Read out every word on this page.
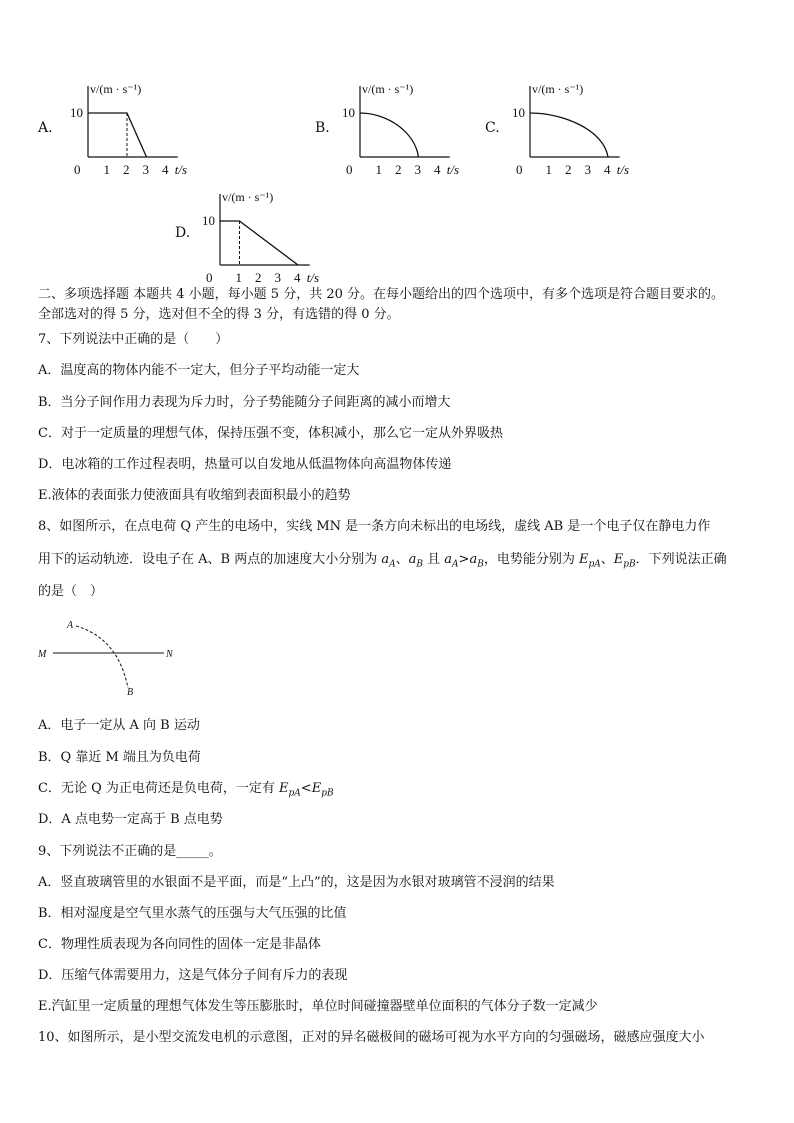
A.
v/(m · s⁻¹)
10
0 1 2 3 4 t/s
B.
v/(m · s⁻¹)
10
0 1 2 3 4 t/s
C.
v/(m · s⁻¹)
10
0 1 2 3 4 t/s
D.
v/(m · s⁻¹)
10
0 1 2 3 4 t/s
二、多项选择题 本题共 4 小题，每小题 5 分，共 20 分。在每小题给出的四个选项中，有多个选项是符合题目要求的。
全部选对的得 5 分，选对但不全的得 3 分，有选错的得 0 分。
7、下列说法中正确的是（　　）
A．温度高的物体内能不一定大，但分子平均动能一定大
B．当分子间作用力表现为斥力时，分子势能随分子间距离的减小而增大
C．对于一定质量的理想气体，保持压强不变，体积减小，那么它一定从外界吸热
D．电冰箱的工作过程表明，热量可以自发地从低温物体向高温物体传递
E.液体的表面张力使液面具有收缩到表面积最小的趋势
8、如图所示，在点电荷 Q 产生的电场中，实线 MN 是一条方向未标出的电场线，虚线 AB 是一个电子仅在静电力作
用下的运动轨迹．设电子在 A、B 两点的加速度大小分别为 $a_A$、$a_B$ 且 $a_A>a_B$，电势能分别为 $E_{pA}$、$E_{pB}$．下列说法正确
的是（　）
A
B
M	N
A．电子一定从 A 向 B 运动
B．Q 靠近 M 端且为负电荷
C．无论 Q 为正电荷还是负电荷，一定有 $E_{pA}<E_{pB}$
D．A 点电势一定高于 B 点电势
9、下列说法不正确的是_____。
A．竖直玻璃管里的水银面不是平面，而是“上凸”的，这是因为水银对玻璃管不浸润的结果
B．相对湿度是空气里水蒸气的压强与大气压强的比值
C．物理性质表现为各向同性的固体一定是非晶体
D．压缩气体需要用力，这是气体分子间有斥力的表现
E.汽缸里一定质量的理想气体发生等压膨胀时，单位时间碰撞器壁单位面积的气体分子数一定减少
10、如图所示，是小型交流发电机的示意图，正对的异名磁极间的磁场可视为水平方向的匀强磁场，磁感应强度大小
